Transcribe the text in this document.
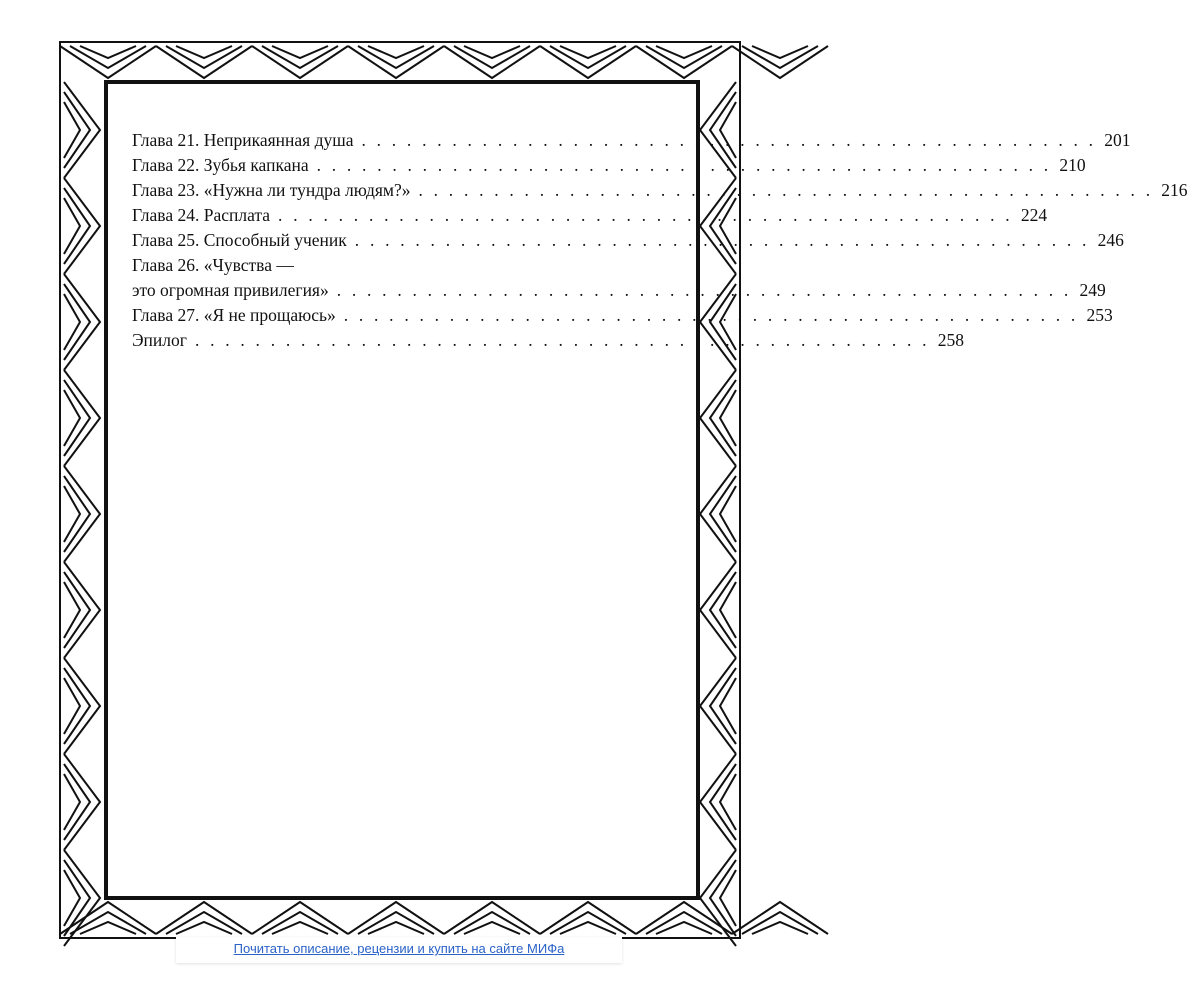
Глава 21. Неприкаянная душа . . . . . . . . . . . . . . . . . . . . . . . . . . . . . . . . . . . . . . . . . . . . . . . . . 201
Глава 22. Зубья капкана . . . . . . . . . . . . . . . . . . . . . . . . . . . . . . . . . . . . . . . . . . . . . . . . . 210
Глава 23. «Нужна ли тундра людям?» . . . . . . . . . . . . . . . . . . . . . . . . . . . . . . . . . . . . . . . . . . . . . . . . . 216
Глава 24. Расплата . . . . . . . . . . . . . . . . . . . . . . . . . . . . . . . . . . . . . . . . . . . . . . . . . 224
Глава 25. Способный ученик . . . . . . . . . . . . . . . . . . . . . . . . . . . . . . . . . . . . . . . . . . . . . . . . . 246
Глава 26. «Чувства —
это огромная привилегия» . . . . . . . . . . . . . . . . . . . . . . . . . . . . . . . . . . . . . . . . . . . . . . . . . 249
Глава 27. «Я не прощаюсь» . . . . . . . . . . . . . . . . . . . . . . . . . . . . . . . . . . . . . . . . . . . . . . . . . 253
Эпилог . . . . . . . . . . . . . . . . . . . . . . . . . . . . . . . . . . . . . . . . . . . . . . . . . 258
Почитать описание, рецензии и купить на сайте МИФа
